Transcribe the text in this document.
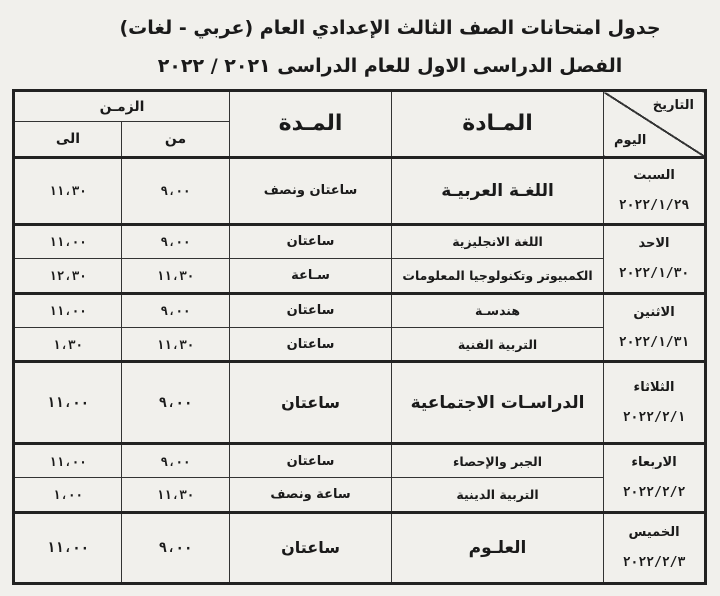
جدول امتحانات الصف الثالث الإعدادي العام (عربي - لغات)
الفصل الدراسى الاول للعام الدراسى ٢٠٢١ / ٢٠٢٢
التاريخ
اليوم	المـادة	المـدة	الزمـن	
			من	الى

السبت
٢٠٢٢/١/٢٩	اللغـة العربيـة	ساعتان ونصف	٩،٠٠	١١،٣٠

الاحد
٢٠٢٢/١/٣٠	اللغة الانجليزية	ساعتان	٩،٠٠	١١،٠٠
	الكمبيوتر وتكنولوجيا المعلومات	سـاعة	١١،٣٠	١٢،٣٠

الاثنين
٢٠٢٢/١/٣١	هندسـة	ساعتان	٩،٠٠	١١،٠٠
	التربية الفنية	ساعتان	١١،٣٠	١،٣٠

الثلاثاء
٢٠٢٢/٢/١	الدراسـات الاجتماعية	ساعتان	٩،٠٠	١١،٠٠

الاربعاء
٢٠٢٢/٢/٢	الجبر والإحصاء	ساعتان	٩،٠٠	١١،٠٠
	التربية الدينية	ساعة ونصف	١١،٣٠	١،٠٠

الخميس
٢٠٢٢/٢/٣	العلـوم	ساعتان	٩،٠٠	١١،٠٠
